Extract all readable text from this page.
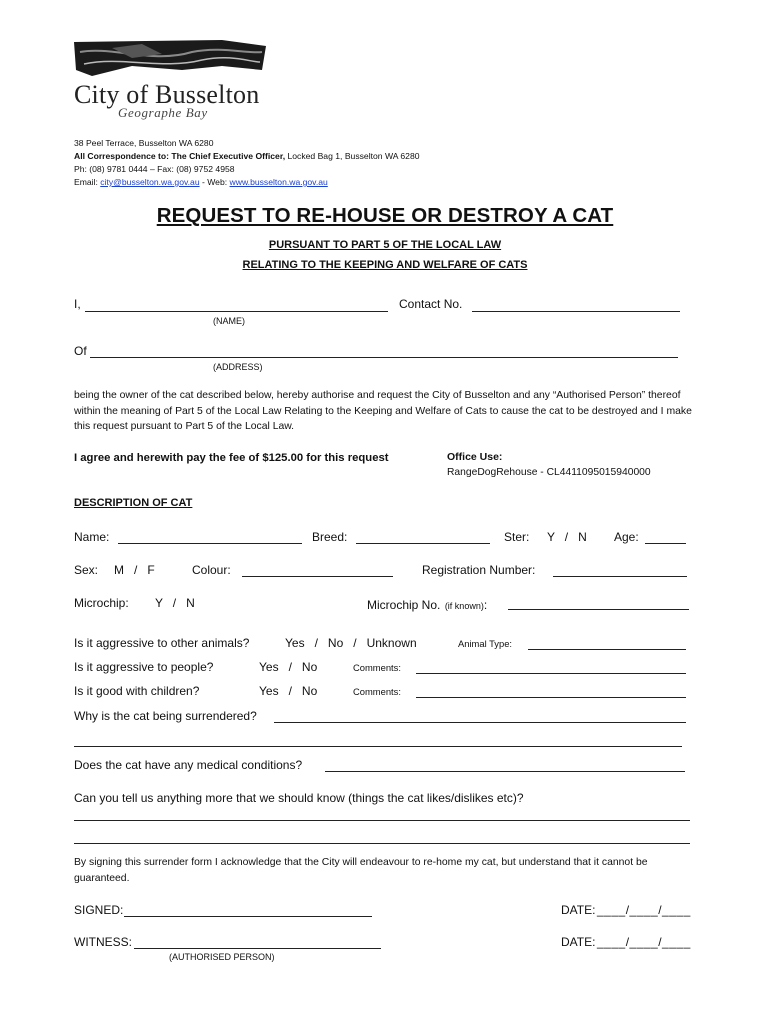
City of Busselton
Geographe Bay
38 Peel Terrace, Busselton WA 6280
All Correspondence to: The Chief Executive Officer, Locked Bag 1, Busselton WA 6280
Ph: (08) 9781 0444 – Fax: (08) 9752 4958
Email: city@busselton.wa.gov.au - Web: www.busselton.wa.gov.au
REQUEST TO RE-HOUSE OR DESTROY A CAT
PURSUANT TO PART 5 OF THE LOCAL LAW
RELATING TO THE KEEPING AND WELFARE OF CATS
I,	Contact No.
(NAME)
Of
(ADDRESS)
being the owner of the cat described below, hereby authorise and request the City of Busselton and any “Authorised Person” thereof within the meaning of Part 5 of the Local Law Relating to the Keeping and Welfare of Cats to cause the cat to be destroyed and I make this request pursuant to Part 5 of the Local Law.
I agree and herewith pay the fee of $125.00 for this request	Office Use:
RangeDogRehouse - CL4411095015940000
DESCRIPTION OF CAT
Name:	Breed:	Ster: Y   /   N Age:
Sex: M   /   F	Colour:	Registration Number:
Microchip: Y   /   N	Microchip No. (if known):
Is it aggressive to other animals?	Yes   /   No   /   Unknown	Animal Type:
Is it aggressive to people?	Yes   /   No	Comments:
Is it good with children?	Yes   /   No	Comments:
Why is the cat being surrendered?
Does the cat have any medical conditions?
Can you tell us anything more that we should know (things the cat likes/dislikes etc)?
By signing this surrender form I acknowledge that the City will endeavour to re-home my cat, but understand that it cannot be guaranteed.
SIGNED:	DATE: ____/____/____
WITNESS:	DATE: ____/____/____
(AUTHORISED PERSON)
